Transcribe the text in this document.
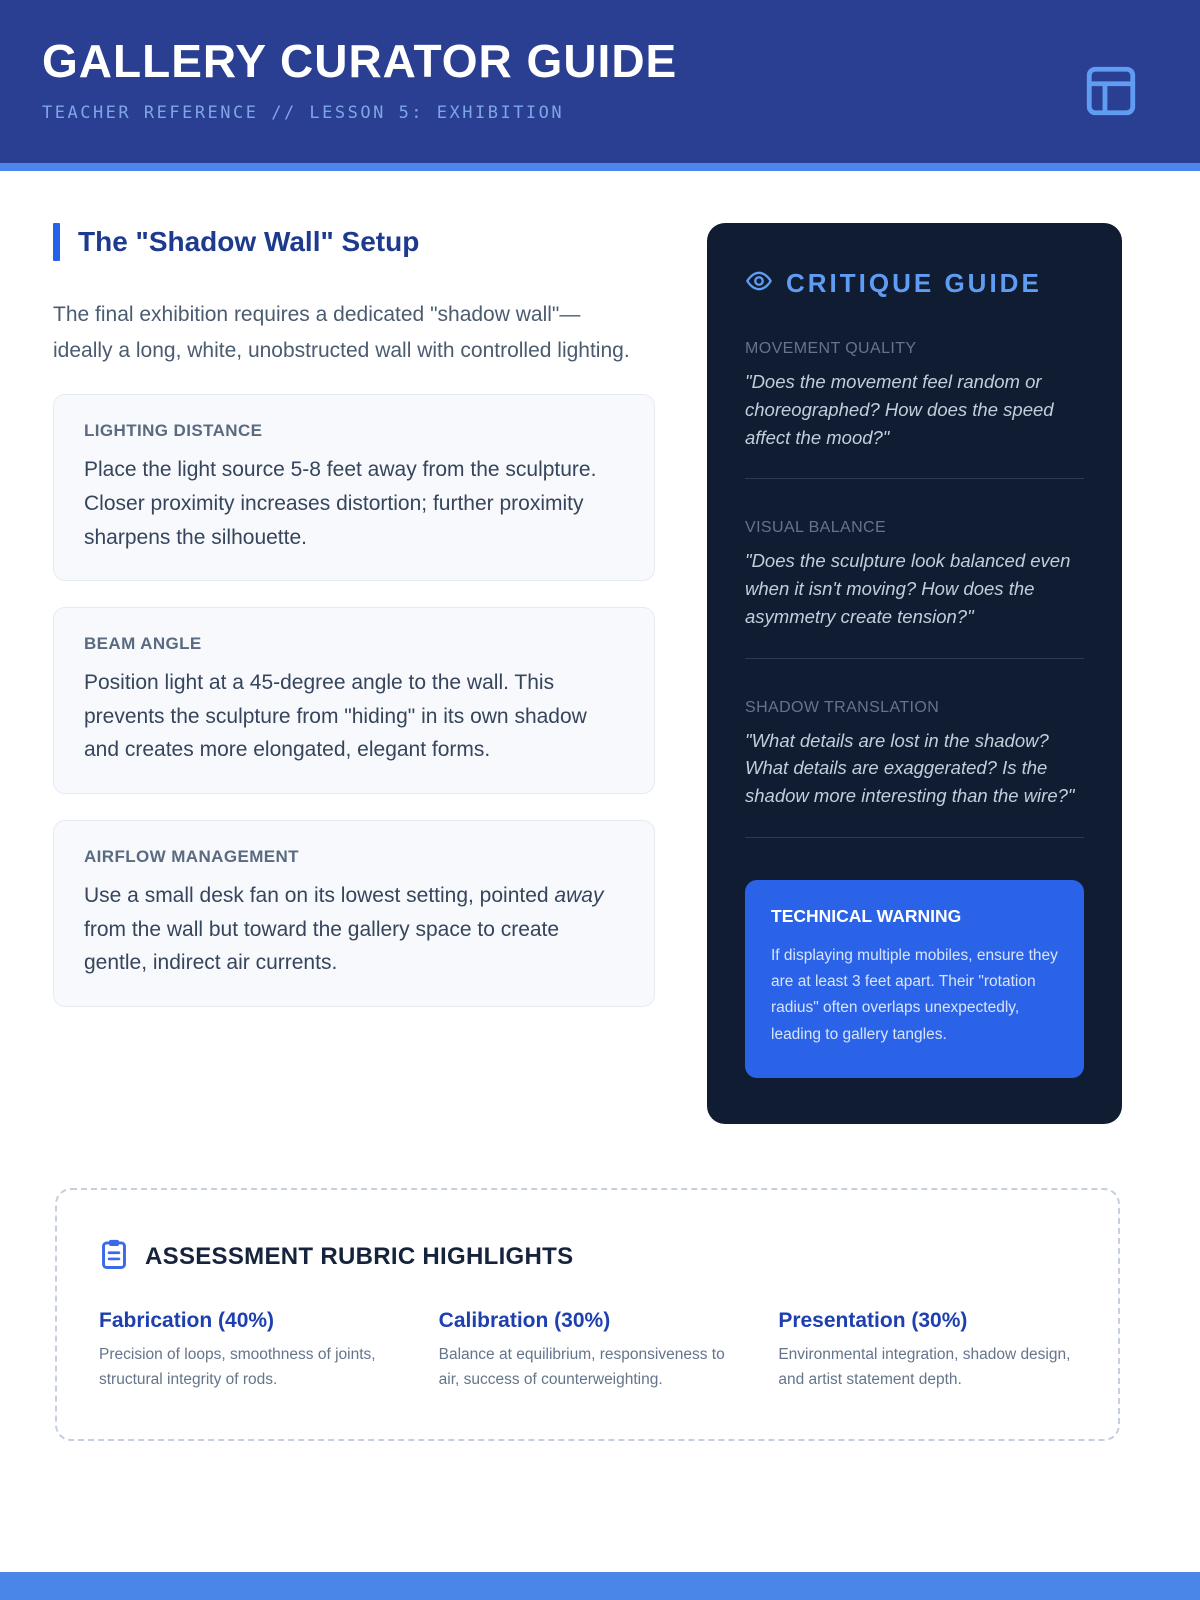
GALLERY CURATOR GUIDE
TEACHER REFERENCE // LESSON 5: EXHIBITION
The "Shadow Wall" Setup

The final exhibition requires a dedicated "shadow wall"—ideally a long, white, unobstructed wall with controlled lighting.

LIGHTING DISTANCE

Place the light source 5-8 feet away from the sculpture. Closer proximity increases distortion; further proximity sharpens the silhouette.

BEAM ANGLE

Position light at a 45-degree angle to the wall. This prevents the sculpture from "hiding" in its own shadow and creates more elongated, elegant forms.

AIRFLOW MANAGEMENT

Use a small desk fan on its lowest setting, pointed away from the wall but toward the gallery space to create gentle, indirect air currents.

CRITIQUE GUIDE
MOVEMENT QUALITY

"Does the movement feel random or choreographed? How does the speed affect the mood?"

VISUAL BALANCE

"Does the sculpture look balanced even when it isn't moving? How does the asymmetry create tension?"

SHADOW TRANSLATION

"What details are lost in the shadow? What details are exaggerated? Is the shadow more interesting than the wire?"

TECHNICAL WARNING

If displaying multiple mobiles, ensure they are at least 3 feet apart. Their "rotation radius" often overlaps unexpectedly, leading to gallery tangles.

ASSESSMENT RUBRIC HIGHLIGHTS
Fabrication (40%)

Precision of loops, smoothness of joints, structural integrity of rods.

Calibration (30%)

Balance at equilibrium, responsiveness to air, success of counterweighting.

Presentation (30%)

Environmental integration, shadow design, and artist statement depth.
